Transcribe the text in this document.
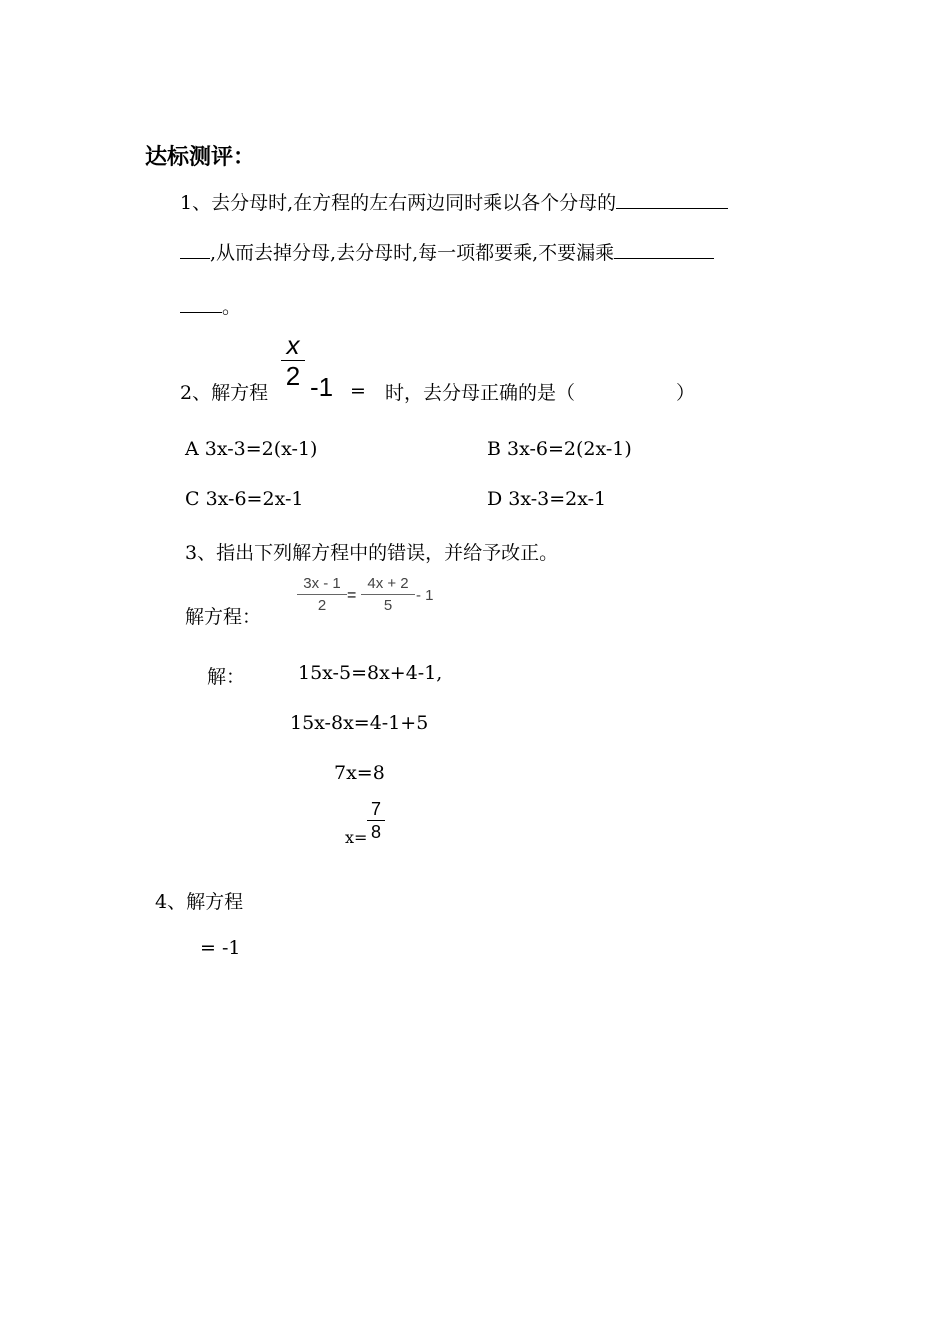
达标测评：
1、去分母时,在方程的左右两边同时乘以各个分母的
,从而去掉分母,去分母时,每一项都要乘,不要漏乘
。
2、解方程
x
2 -1 = 时，去分母正确的是（	）
A 3x-3=2(x-1)	B 3x-6=2(2x-1)
C 3x-6=2x-1	D 3x-3=2x-1
3、指出下列解方程中的错误，并给予改正。
解方程：
3x - 1
2
=
4x + 2
5
- 1
解：	15x-5=8x+4-1,
15x-8x=4-1+5
7x=8
x=
7
8
4、解方程
= -1
